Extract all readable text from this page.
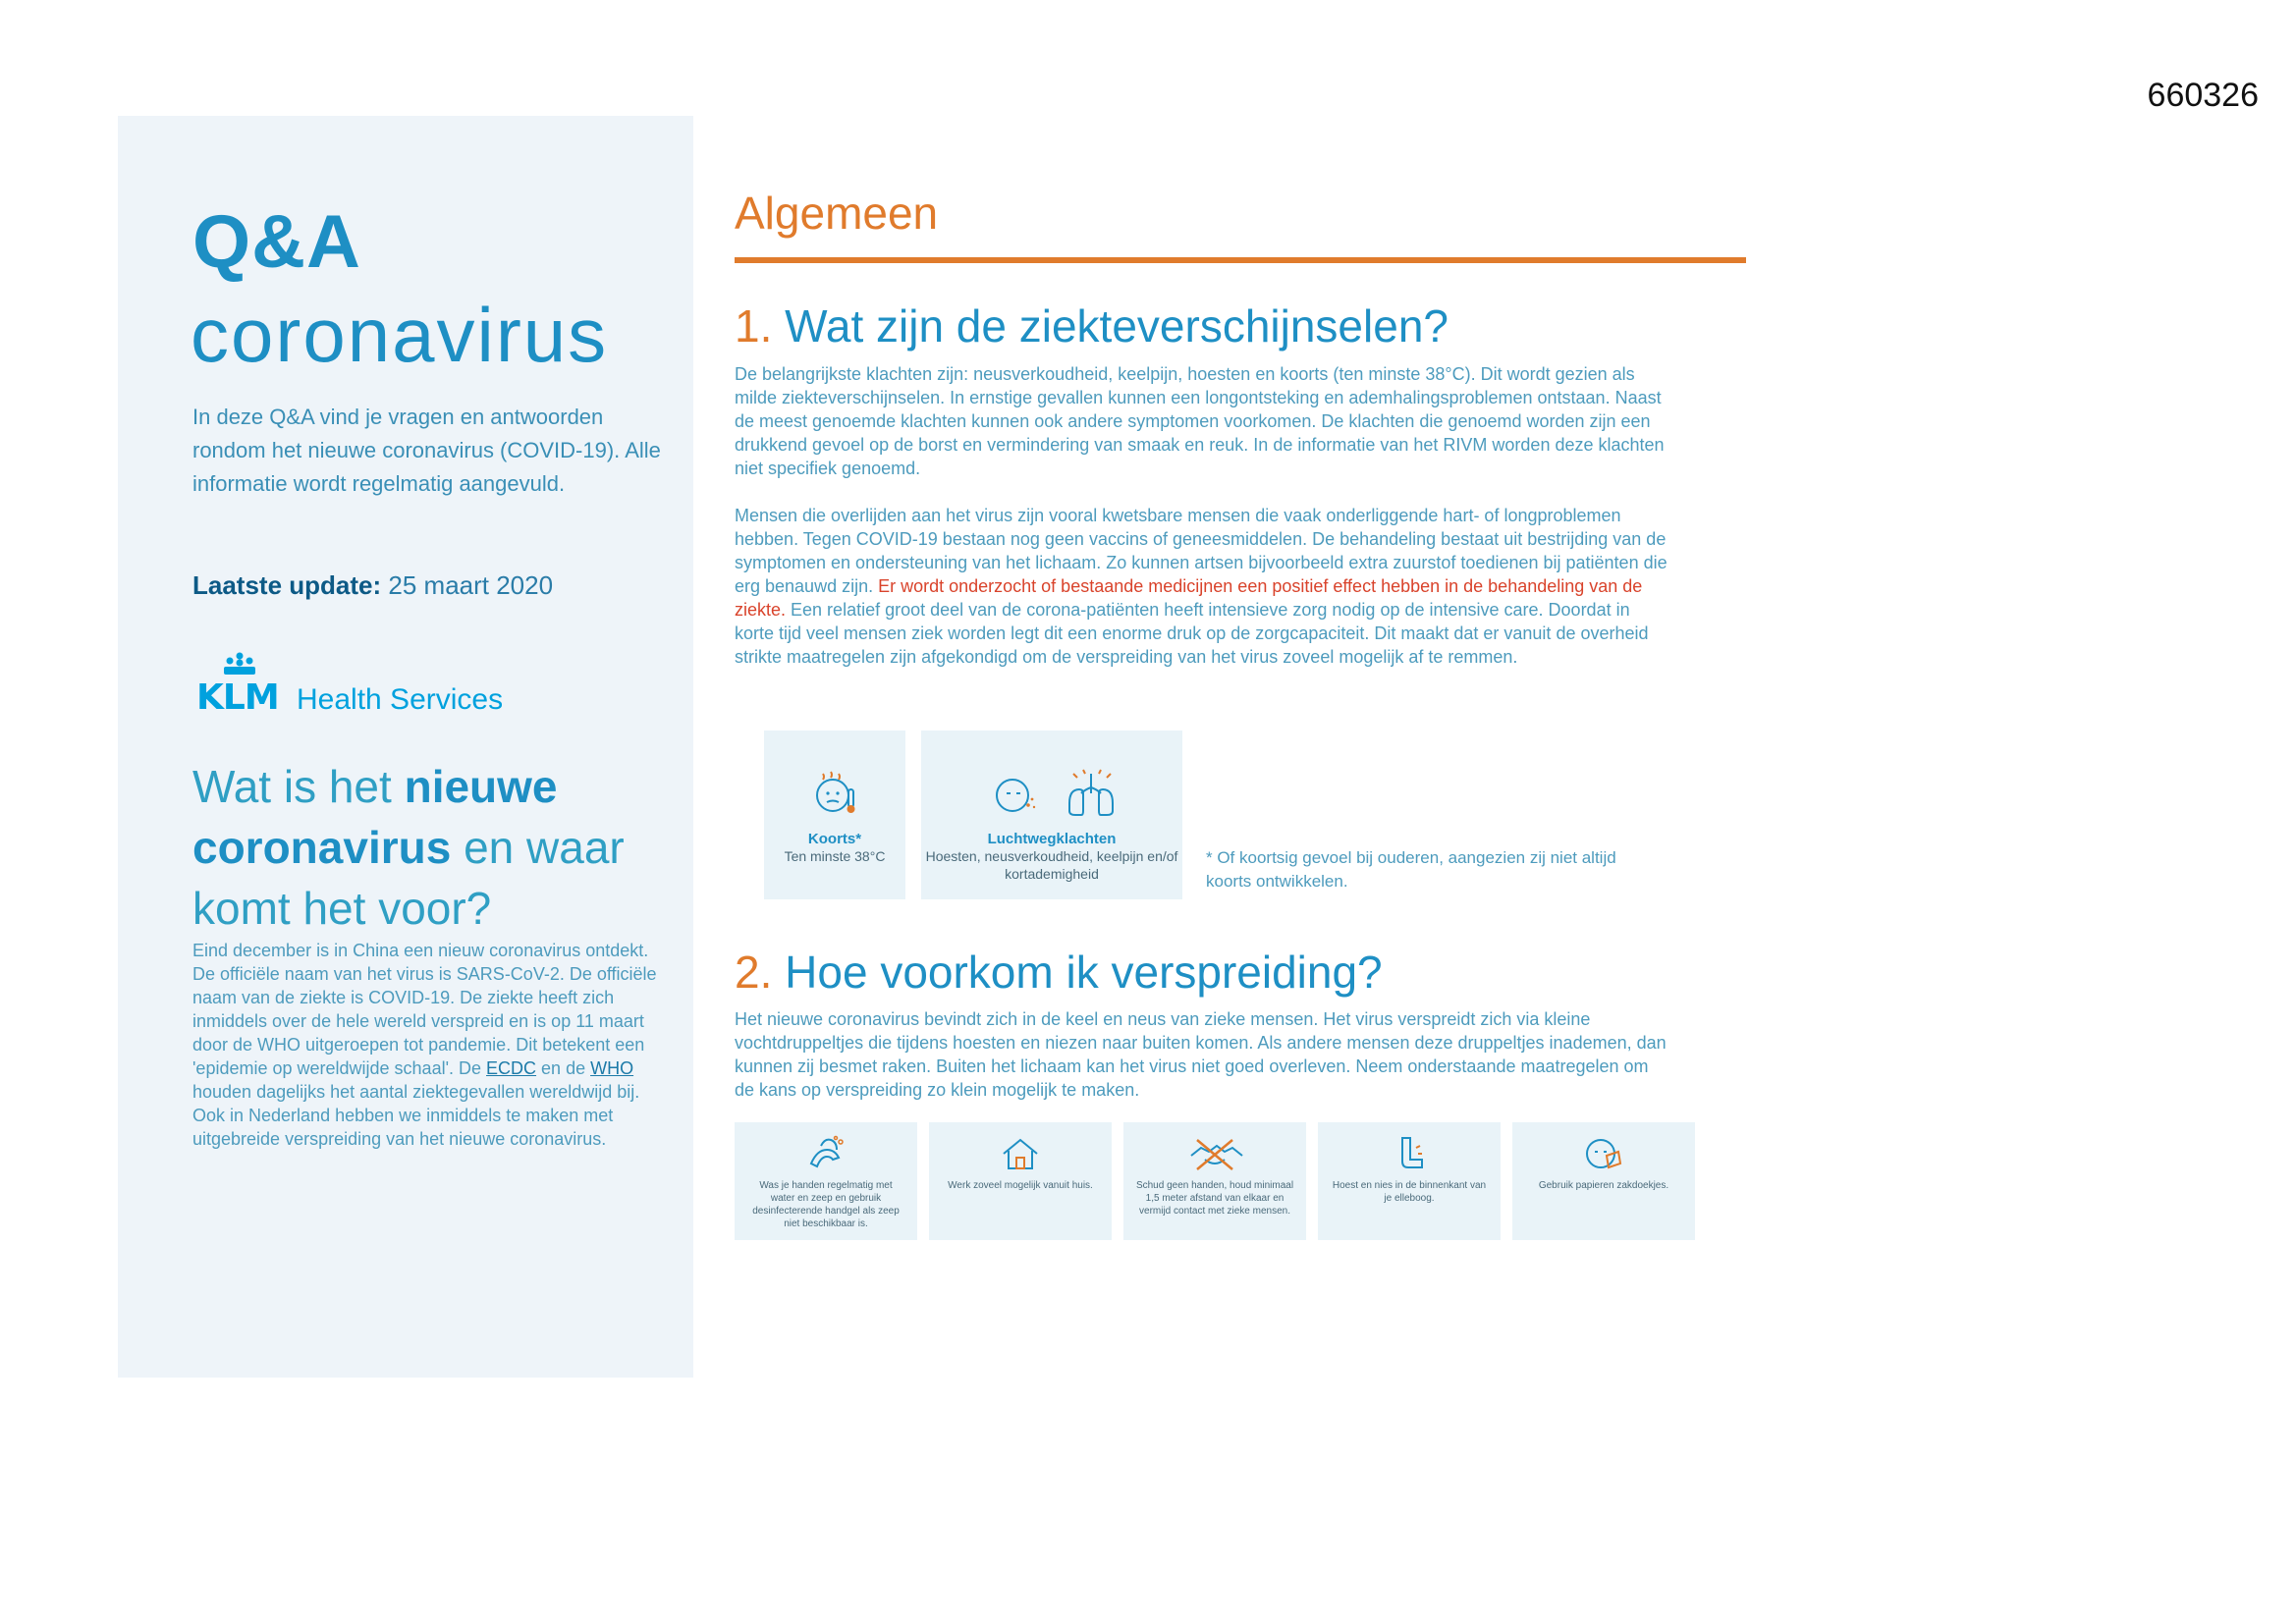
660326
Q&A
coronavirus
In deze Q&A vind je vragen en antwoorden rondom het nieuwe coronavirus (COVID-19). Alle informatie wordt regelmatig aangevuld.
Laatste update: 25 maart 2020
KLM Health Services
Wat is het nieuwe coronavirus en waar komt het voor?
Eind december is in China een nieuw coronavirus ontdekt. De officiële naam van het virus is SARS-CoV-2. De officiële naam van de ziekte is COVID-19. De ziekte heeft zich inmiddels over de hele wereld verspreid en is op 11 maart door de WHO uitgeroepen tot pandemie. Dit betekent een 'epidemie op wereldwijde schaal'. De ECDC en de WHO houden dagelijks het aantal ziektegevallen wereldwijd bij. Ook in Nederland hebben we inmiddels te maken met uitgebreide verspreiding van het nieuwe coronavirus.
Algemeen
1. Wat zijn de ziekteverschijnselen?
De belangrijkste klachten zijn: neusverkoudheid, keelpijn, hoesten en koorts (ten minste 38°C). Dit wordt gezien als milde ziekteverschijnselen. In ernstige gevallen kunnen een longontsteking en ademhalingsproblemen ontstaan. Naast de meest genoemde klachten kunnen ook andere symptomen voorkomen. De klachten die genoemd worden zijn een drukkend gevoel op de borst en vermindering van smaak en reuk. In de informatie van het RIVM worden deze klachten niet specifiek genoemd.
Mensen die overlijden aan het virus zijn vooral kwetsbare mensen die vaak onderliggende hart- of longproblemen hebben. Tegen COVID-19 bestaan nog geen vaccins of geneesmiddelen. De behandeling bestaat uit bestrijding van de symptomen en ondersteuning van het lichaam. Zo kunnen artsen bijvoorbeeld extra zuurstof toedienen bij patiënten die erg benauwd zijn. Er wordt onderzocht of bestaande medicijnen een positief effect hebben in de behandeling van de ziekte. Een relatief groot deel van de corona-patiënten heeft intensieve zorg nodig op de intensive care. Doordat in korte tijd veel mensen ziek worden legt dit een enorme druk op de zorgcapaciteit. Dit maakt dat er vanuit de overheid strikte maatregelen zijn afgekondigd om de verspreiding van het virus zoveel mogelijk af te remmen.
Koorts*
Ten minste 38°C
Luchtwegklachten
Hoesten, neusverkoudheid, keelpijn en/of kortademigheid
* Of koortsig gevoel bij ouderen, aangezien zij niet altijd koorts ontwikkelen.
2. Hoe voorkom ik verspreiding?
Het nieuwe coronavirus bevindt zich in de keel en neus van zieke mensen. Het virus verspreidt zich via kleine vochtdruppeltjes die tijdens hoesten en niezen naar buiten komen. Als andere mensen deze druppeltjes inademen, dan kunnen zij besmet raken. Buiten het lichaam kan het virus niet goed overleven. Neem onderstaande maatregelen om de kans op verspreiding zo klein mogelijk te maken.
Was je handen regelmatig met water en zeep en gebruik desinfecterende handgel als zeep niet beschikbaar is.
Werk zoveel mogelijk vanuit huis.	Schud geen handen, houd minimaal 1,5 meter afstand van elkaar en vermijd contact met zieke mensen.
Hoest en nies in de binnenkant van je elleboog.
Gebruik papieren zakdoekjes.
